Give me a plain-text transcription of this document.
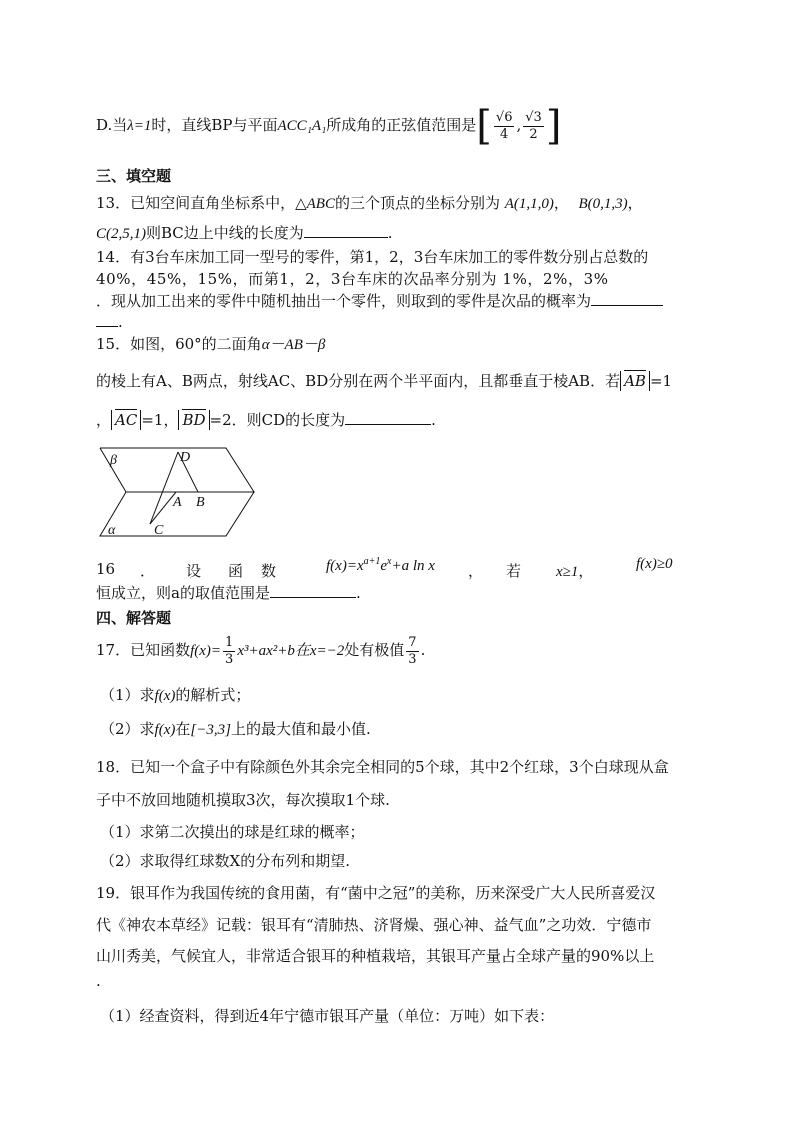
D.当λ=1时，直线BP与平面ACC₁A₁所成角的正弦值范围是[ $\frac{√6}{4}$ , $\frac{√3}{2}$ ]
三、填空题
13．已知空间直角坐标系中，△ABC的三个顶点的坐标分别为 A(1,1,0)，  B(0,1,3)，
C(2,5,1)则BC边上中线的长度为	.
14．有3台车床加工同一型号的零件，第1，2，3台车床加工的零件数分别占总数的
40%，45%，15%，而第1，2，3台车床的次品率分别为 1%，2%，3%
．现从加工出来的零件中随机抽出一个零件，则取到的零件是次品的概率为
.
15．如图，60°的二面角α－AB－β
的棱上有A、B两点，射线AC、BD分别在两个半平面内，且都垂直于棱AB．若 AB =1
， AC =1， BD =2．则CD的长度为	.
β	D
A B
C
α
16 ． 设 函数 $f(x)=x^{a+1}e^x+a$ ln x ， 若 x≥1，	f(x)≥0
恒成立，则a的取值范围是	.
四、解答题
17．已知函数$f(x)= \frac{1}{3} x^3+ax^2+b$在x=−2处有极值 $\frac{7}{3}$ .
（1）求f(x)的解析式；
（2）求f(x)在[−3,3]上的最大值和最小值.
18．已知一个盒子中有除颜色外其余完全相同的5个球，其中2个红球，3个白球现从盒
子中不放回地随机摸取3次，每次摸取1个球.
（1）求第二次摸出的球是红球的概率；
（2）求取得红球数X的分布列和期望.
19．银耳作为我国传统的食用菌，有“菌中之冠”的美称，历来深受广大人民所喜爱汉
代《神农本草经》记载：银耳有“清肺热、济肾燥、强心神、益气血”之功效．宁德市
山川秀美，气候宜人，非常适合银耳的种植栽培，其银耳产量占全球产量的90%以上
.
（1）经查资料，得到近4年宁德市银耳产量（单位：万吨）如下表：
